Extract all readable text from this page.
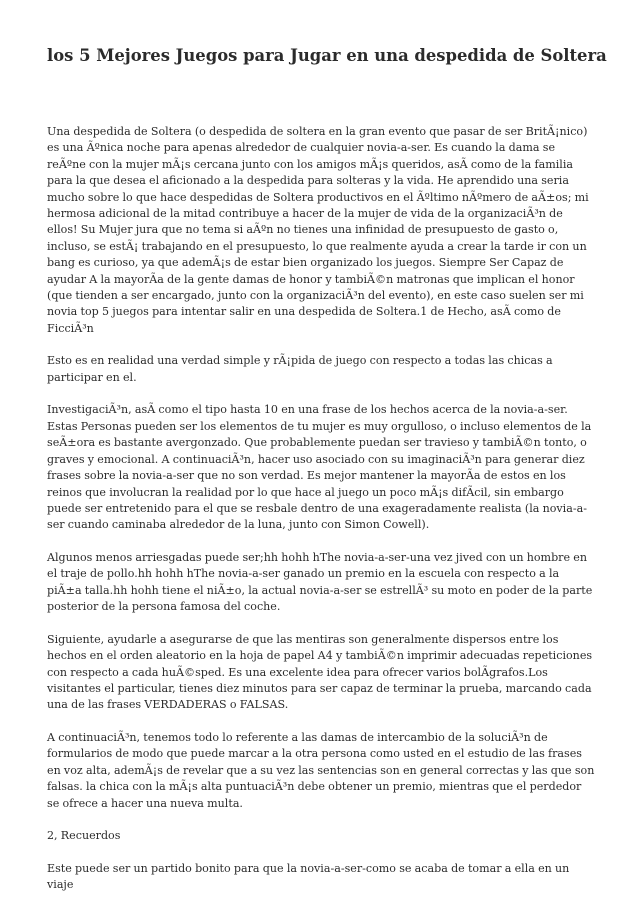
los 5 Mejores Juegos para Jugar en una despedida de Soltera

Una despedida de Soltera (o despedida de soltera en la gran evento que pasar de ser BritÃ¡nico) es una Ãºnica noche para apenas alrededor de cualquier novia-a-ser. Es cuando la dama se reÃºne con la mujer mÃ¡s cercana junto con los amigos mÃ¡s queridos, asÃ como de la familia para la que desea el aficionado a la despedida para solteras y la vida. He aprendido una seria mucho sobre lo que hace despedidas de Soltera productivos en el Ãºltimo nÃºmero de aÃ±os; mi hermosa adicional de la mitad contribuye a hacer de la mujer de vida de la organizaciÃ³n de ellos! Su Mujer jura que no tema si aÃºn no tienes una infinidad de presupuesto de gasto o, incluso, se estÃ¡ trabajando en el presupuesto, lo que realmente ayuda a crear la tarde ir con un bang es curioso, ya que ademÃ¡s de estar bien organizado los juegos. Siempre Ser Capaz de ayudar A la mayorÃa de la gente damas de honor y tambiÃ©n matronas que implican el honor (que tienden a ser encargado, junto con la organizaciÃ³n del evento), en este caso suelen ser mi novia top 5 juegos para intentar salir en una despedida de Soltera.1 de Hecho, asÃ como de FicciÃ³n

Esto es en realidad una verdad simple y rÃ¡pida de juego con respecto a todas las chicas a participar en el.

InvestigaciÃ³n, asÃ como el tipo hasta 10 en una frase de los hechos acerca de la novia-a-ser. Estas Personas pueden ser los elementos de tu mujer es muy orgulloso, o incluso elementos de la seÃ±ora es bastante avergonzado. Que probablemente puedan ser travieso y tambiÃ©n tonto, o graves y emocional. A continuaciÃ³n, hacer uso asociado con su imaginaciÃ³n para generar diez frases sobre la novia-a-ser que no son verdad. Es mejor mantener la mayorÃa de estos en los reinos que involucran la realidad por lo que hace al juego un poco mÃ¡s difÃcil, sin embargo puede ser entretenido para el que se resbale dentro de una exageradamente realista (la novia-a-ser cuando caminaba alrededor de la luna, junto con Simon Cowell).

Algunos menos arriesgadas puede ser;hh hohh hThe novia-a-ser-una vez jived con un hombre en el traje de pollo.hh hohh hThe novia-a-ser ganado un premio en la escuela con respecto a la piÃ±a talla.hh hohh tiene el niÃ±o, la actual novia-a-ser se estrellÃ³ su moto en poder de la parte posterior de la persona famosa del coche.

Siguiente, ayudarle a asegurarse de que las mentiras son generalmente dispersos entre los hechos en el orden aleatorio en la hoja de papel A4 y tambiÃ©n imprimir adecuadas repeticiones con respecto a cada huÃ©sped. Es una excelente idea para ofrecer varios bolÃgrafos.Los visitantes el particular, tienes diez minutos para ser capaz de terminar la prueba, marcando cada una de las frases VERDADERAS o FALSAS.

A continuaciÃ³n, tenemos todo lo referente a las damas de intercambio de la soluciÃ³n de formularios de modo que puede marcar a la otra persona como usted en el estudio de las frases en voz alta, ademÃ¡s de revelar que a su vez las sentencias son en general correctas y las que son falsas. la chica con la mÃ¡s alta puntuaciÃ³n debe obtener un premio, mientras que el perdedor se ofrece a hacer una nueva multa.

2, Recuerdos

Este puede ser un partido bonito para que la novia-a-ser-como se acaba de tomar a ella en un viaje
